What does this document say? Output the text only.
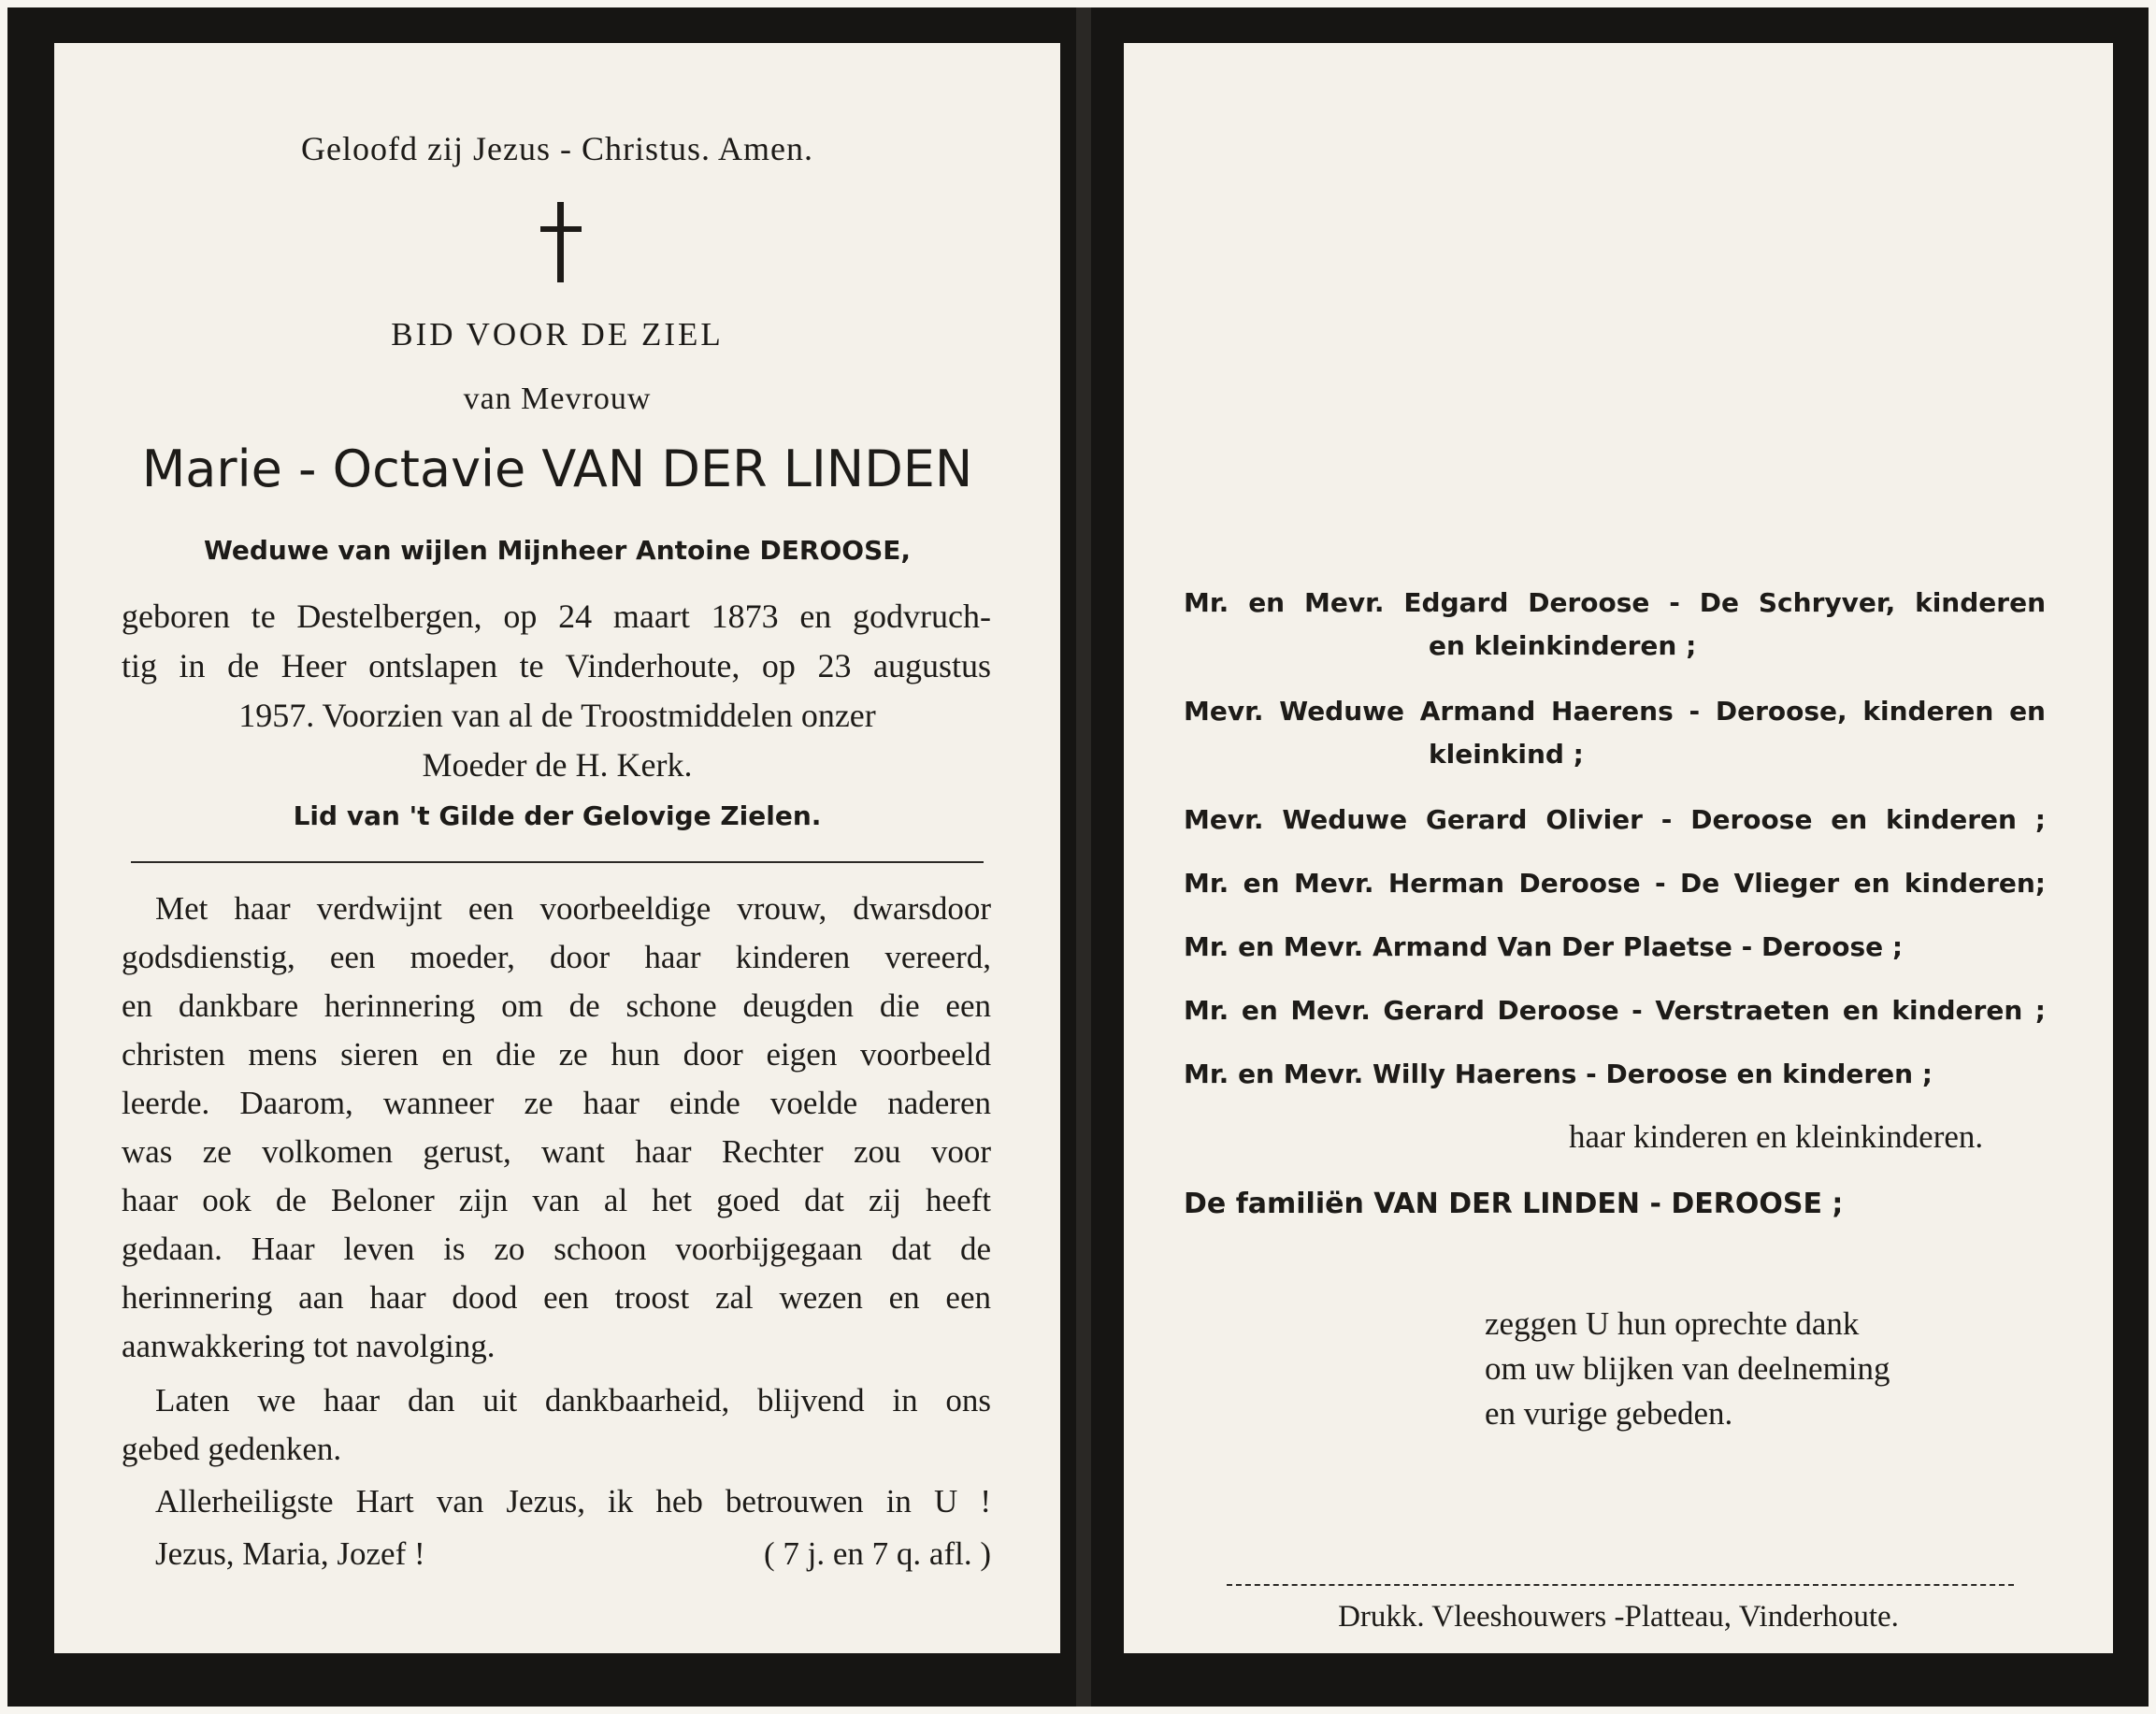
Geloofd zij Jezus - Christus. Amen.
BID VOOR DE ZIEL
van Mevrouw
Marie - Octavie VAN DER LINDEN
Weduwe van wijlen Mijnheer Antoine DEROOSE,
geboren te Destelbergen, op 24 maart 1873 en godvruch-
tig in de Heer ontslapen te Vinderhoute, op 23 augustus
1957. Voorzien van al de Troostmiddelen onzer
Moeder de H. Kerk.
Lid van 't Gilde der Gelovige Zielen.
Met haar verdwijnt een voorbeeldige vrouw, dwarsdoor
godsdienstig, een moeder, door haar kinderen vereerd,
en dankbare herinnering om de schone deugden die een
christen mens sieren en die ze hun door eigen voorbeeld
leerde. Daarom, wanneer ze haar einde voelde naderen
was ze volkomen gerust, want haar Rechter zou voor
haar ook de Beloner zijn van al het goed dat zij heeft
gedaan. Haar leven is zo schoon voorbijgegaan dat de
herinnering aan haar dood een troost zal wezen en een
aanwakkering tot navolging.
Laten we haar dan uit dankbaarheid, blijvend in ons
gebed gedenken.
Allerheiligste Hart van Jezus, ik heb betrouwen in U !
Jezus, Maria, Jozef !	( 7 j. en 7 q. afl. )
Mr. en Mevr. Edgard Deroose - De Schryver, kinderen
en kleinkinderen ;
Mevr. Weduwe Armand Haerens - Deroose, kinderen en
kleinkind ;
Mevr. Weduwe Gerard Olivier - Deroose en kinderen ;
Mr. en Mevr. Herman Deroose - De Vlieger en kinderen;
Mr. en Mevr. Armand Van Der Plaetse - Deroose ;
Mr. en Mevr. Gerard Deroose - Verstraeten en kinderen ;
Mr. en Mevr. Willy Haerens - Deroose en kinderen ;
haar kinderen en kleinkinderen.
De familiën VAN DER LINDEN - DEROOSE ;
zeggen U hun oprechte dank
om uw blijken van deelneming
en vurige gebeden.
Drukk. Vleeshouwers -Platteau, Vinderhoute.
